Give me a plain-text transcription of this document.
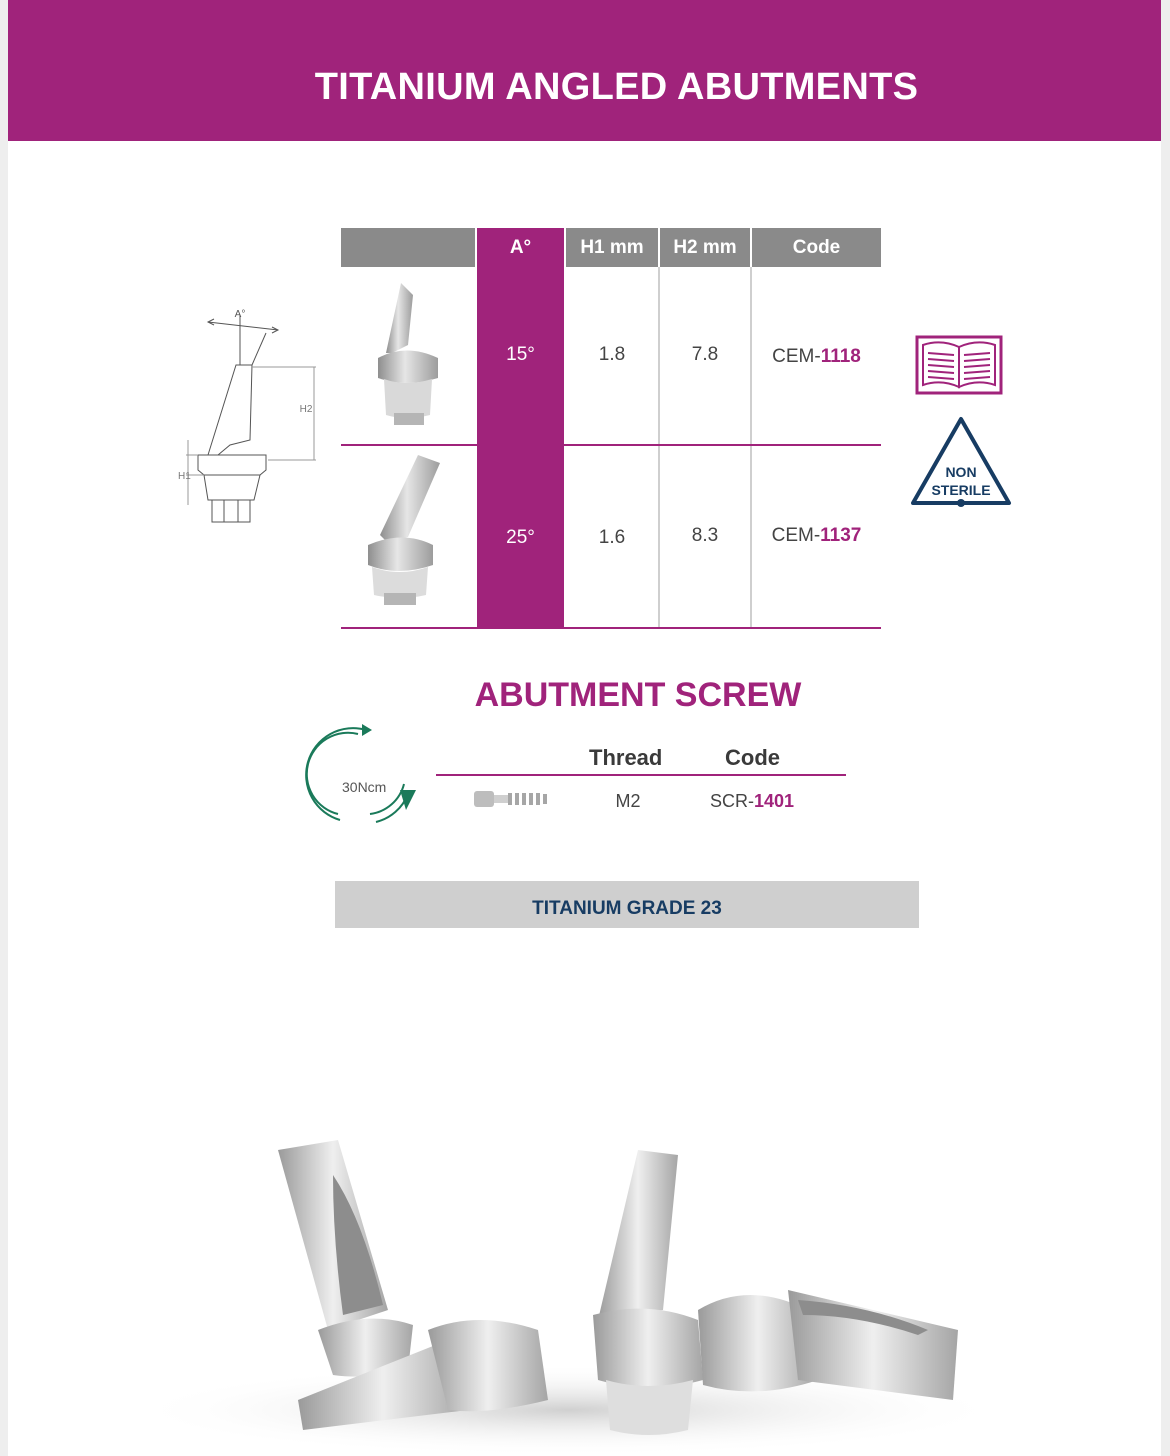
TITANIUM ANGLED ABUTMENTS
A°
H2
H1
A°	H1 mm	H2 mm	Code
15°	1.8	7.8	CEM-1118
25°	1.6	8.3	CEM-1137
NON
STERILE
ABUTMENT SCREW
30Ncm
Thread	Code
M2	SCR-1401
TITANIUM GRADE 23
